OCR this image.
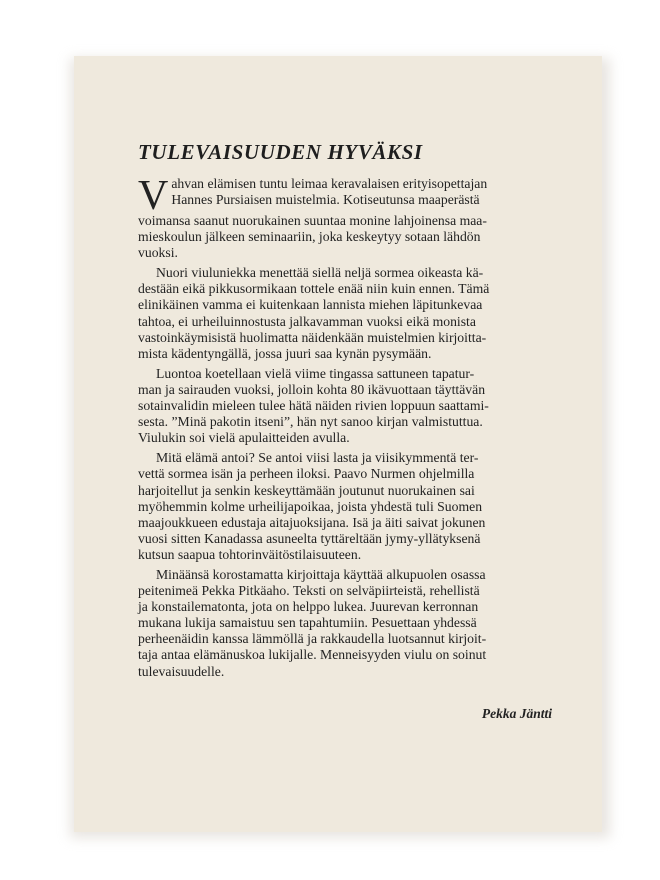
TULEVAISUUDEN HYVÄKSI
V ahvan elämisen tuntu leimaa keravalaisen erityisopettajan
Hannes Pursiaisen muistelmia. Kotiseutunsa maaperästä
voimansa saanut nuorukainen suuntaa monine lahjoinensa maa-
mieskoulun jälkeen seminaariin, joka keskeytyy sotaan lähdön
vuoksi.
Nuori viuluniekka menettää siellä neljä sormea oikeasta kä-
destään eikä pikkusormikaan tottele enää niin kuin ennen. Tämä
elinikäinen vamma ei kuitenkaan lannista miehen läpitunkevaa
tahtoa, ei urheiluinnostusta jalkavamman vuoksi eikä monista
vastoinkäymisistä huolimatta näidenkään muistelmien kirjoitta-
mista kädentyngällä, jossa juuri saa kynän pysymään.
Luontoa koetellaan vielä viime tingassa sattuneen tapatur-
man ja sairauden vuoksi, jolloin kohta 80 ikävuottaan täyttävän
sotainvalidin mieleen tulee hätä näiden rivien loppuun saattami-
sesta. ”Minä pakotin itseni”, hän nyt sanoo kirjan valmistuttua.
Viulukin soi vielä apulaitteiden avulla.
Mitä elämä antoi? Se antoi viisi lasta ja viisikymmentä ter-
vettä sormea isän ja perheen iloksi. Paavo Nurmen ohjelmilla
harjoitellut ja senkin keskeyttämään joutunut nuorukainen sai
myöhemmin kolme urheilijapoikaa, joista yhdestä tuli Suomen
maajoukkueen edustaja aitajuoksijana. Isä ja äiti saivat jokunen
vuosi sitten Kanadassa asuneelta tyttäreltään jymy-yllätyksenä
kutsun saapua tohtorinväitöstilaisuuteen.
Minäänsä korostamatta kirjoittaja käyttää alkupuolen osassa
peitenimeä Pekka Pitkäaho. Teksti on selväpiirteistä, rehellistä
ja konstailematonta, jota on helppo lukea. Juurevan kerronnan
mukana lukija samaistuu sen tapahtumiin. Pesuettaan yhdessä
perheenäidin kanssa lämmöllä ja rakkaudella luotsannut kirjoit-
taja antaa elämänuskoa lukijalle. Menneisyyden viulu on soinut
tulevaisuudelle.

Pekka Jäntti
